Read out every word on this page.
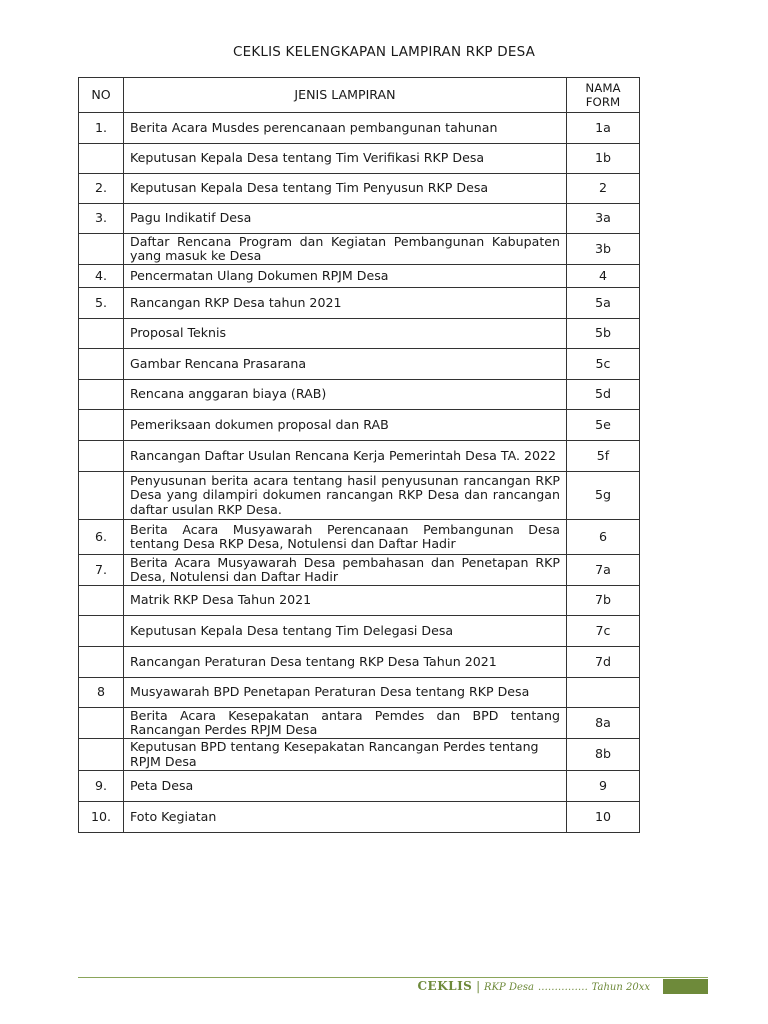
CEKLIS KELENGKAPAN LAMPIRAN RKP DESA
NO	JENIS LAMPIRAN	NAMA FORM
1.	Berita Acara Musdes perencanaan pembangunan tahunan	1a
	Keputusan Kepala Desa tentang Tim Verifikasi RKP Desa	1b
2.	Keputusan Kepala Desa tentang Tim Penyusun RKP Desa	2
3.	Pagu Indikatif Desa	3a
	Daftar Rencana Program dan Kegiatan Pembangunan Kabupaten yang masuk ke Desa	3b
4.	Pencermatan Ulang Dokumen RPJM Desa	4
5.	Rancangan RKP Desa tahun 2021	5a
	Proposal Teknis	5b
	Gambar Rencana Prasarana	5c
	Rencana anggaran biaya (RAB)	5d
	Pemeriksaan dokumen proposal dan RAB	5e
	Rancangan Daftar Usulan Rencana Kerja Pemerintah Desa TA. 2022	5f
	Penyusunan berita acara tentang hasil penyusunan rancangan RKP Desa yang dilampiri dokumen rancangan RKP Desa dan rancangan daftar usulan RKP Desa.	5g
6.	Berita Acara Musyawarah Perencanaan Pembangunan Desa tentang Desa RKP Desa, Notulensi dan Daftar Hadir	6
7.	Berita Acara Musyawarah Desa pembahasan dan Penetapan RKP Desa, Notulensi dan Daftar Hadir	7a
	Matrik RKP Desa Tahun 2021	7b
	Keputusan Kepala Desa tentang Tim Delegasi Desa	7c
	Rancangan Peraturan Desa tentang RKP Desa Tahun 2021	7d
8	Musyawarah BPD Penetapan Peraturan Desa tentang RKP Desa	
	Berita Acara Kesepakatan antara Pemdes dan BPD tentang Rancangan Perdes RPJM Desa	8a
	Keputusan BPD tentang Kesepakatan Rancangan Perdes tentang RPJM Desa	8b
9.	Peta Desa	9
10.	Foto Kegiatan	10
CEKLIS | RKP Desa …………… Tahun 20xx
